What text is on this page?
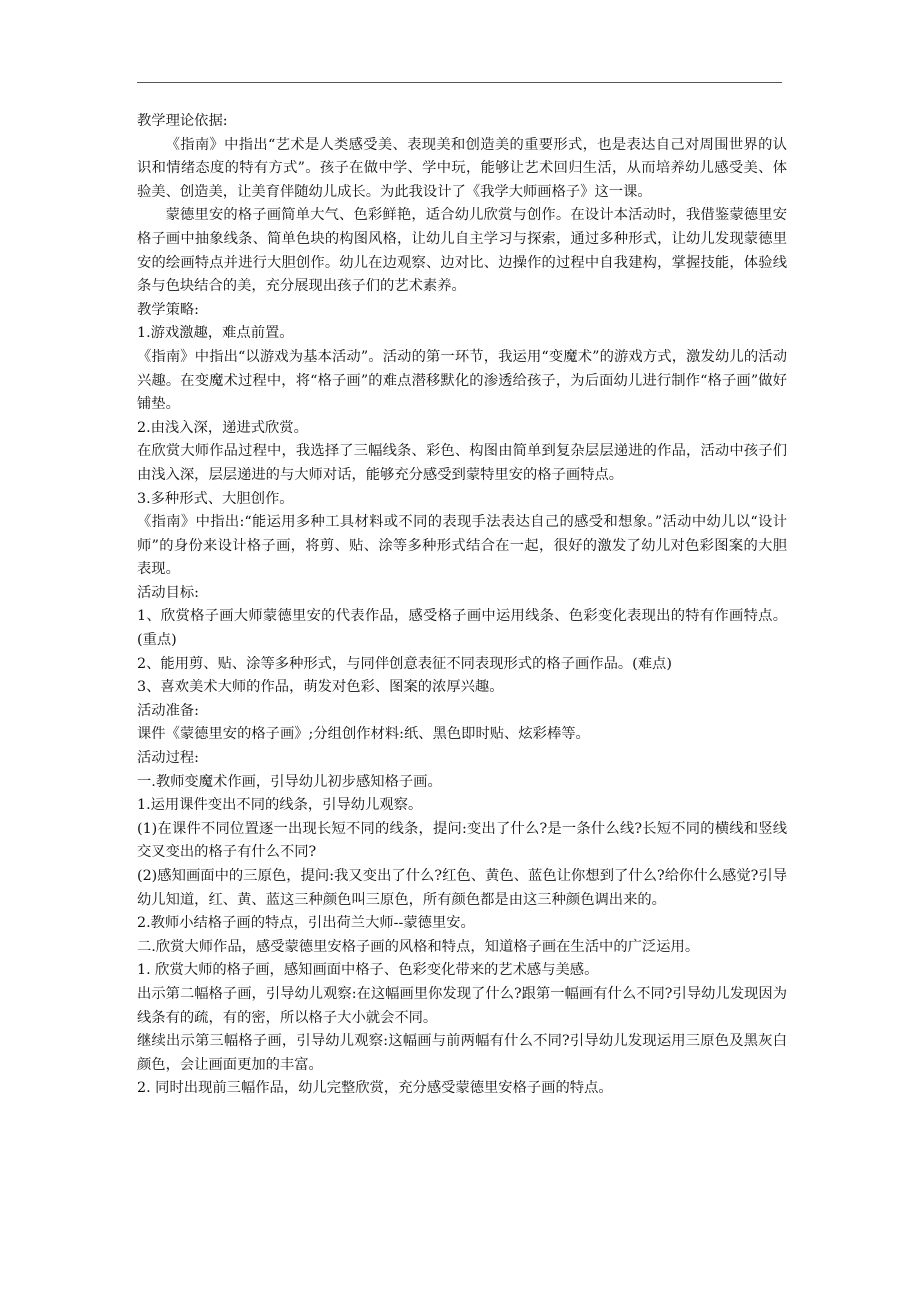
教学理论依据:

《指南》中指出“艺术是人类感受美、表现美和创造美的重要形式，也是表达自己对周围世界的认识和情绪态度的特有方式”。孩子在做中学、学中玩，能够让艺术回归生活，从而培养幼儿感受美、体验美、创造美，让美育伴随幼儿成长。为此我设计了《我学大师画格子》这一课。

蒙德里安的格子画简单大气、色彩鲜艳，适合幼儿欣赏与创作。在设计本活动时，我借鉴蒙德里安格子画中抽象线条、简单色块的构图风格，让幼儿自主学习与探索，通过多种形式，让幼儿发现蒙德里安的绘画特点并进行大胆创作。幼儿在边观察、边对比、边操作的过程中自我建构，掌握技能，体验线条与色块结合的美，充分展现出孩子们的艺术素养。

教学策略:

1.游戏激趣，难点前置。

《指南》中指出“以游戏为基本活动”。活动的第一环节，我运用“变魔术”的游戏方式，激发幼儿的活动兴趣。在变魔术过程中，将“格子画”的难点潜移默化的渗透给孩子，为后面幼儿进行制作“格子画”做好铺垫。

2.由浅入深，递进式欣赏。

在欣赏大师作品过程中，我选择了三幅线条、彩色、构图由简单到复杂层层递进的作品，活动中孩子们由浅入深，层层递进的与大师对话，能够充分感受到蒙特里安的格子画特点。

3.多种形式、大胆创作。

《指南》中指出:“能运用多种工具材料或不同的表现手法表达自己的感受和想象。”活动中幼儿以“设计师”的身份来设计格子画，将剪、贴、涂等多种形式结合在一起，很好的激发了幼儿对色彩图案的大胆表现。

活动目标:

1、欣赏格子画大师蒙德里安的代表作品，感受格子画中运用线条、色彩变化表现出的特有作画特点。(重点)

2、能用剪、贴、涂等多种形式，与同伴创意表征不同表现形式的格子画作品。(难点)

3、喜欢美术大师的作品，萌发对色彩、图案的浓厚兴趣。

活动准备:

课件《蒙德里安的格子画》;分组创作材料:纸、黑色即时贴、炫彩棒等。

活动过程:

一.教师变魔术作画，引导幼儿初步感知格子画。

1.运用课件变出不同的线条，引导幼儿观察。

(1)在课件不同位置逐一出现长短不同的线条，提问:变出了什么?是一条什么线?长短不同的横线和竖线交叉变出的格子有什么不同?

(2)感知画面中的三原色，提问:我又变出了什么?红色、黄色、蓝色让你想到了什么?给你什么感觉?引导幼儿知道，红、黄、蓝这三种颜色叫三原色，所有颜色都是由这三种颜色调出来的。

2.教师小结格子画的特点，引出荷兰大师--蒙德里安。

二.欣赏大师作品，感受蒙德里安格子画的风格和特点，知道格子画在生活中的广泛运用。

1. 欣赏大师的格子画，感知画面中格子、色彩变化带来的艺术感与美感。

出示第二幅格子画，引导幼儿观察:在这幅画里你发现了什么?跟第一幅画有什么不同?引导幼儿发现因为线条有的疏，有的密，所以格子大小就会不同。

继续出示第三幅格子画，引导幼儿观察:这幅画与前两幅有什么不同?引导幼儿发现运用三原色及黑灰白颜色，会让画面更加的丰富。

2. 同时出现前三幅作品，幼儿完整欣赏，充分感受蒙德里安格子画的特点。
